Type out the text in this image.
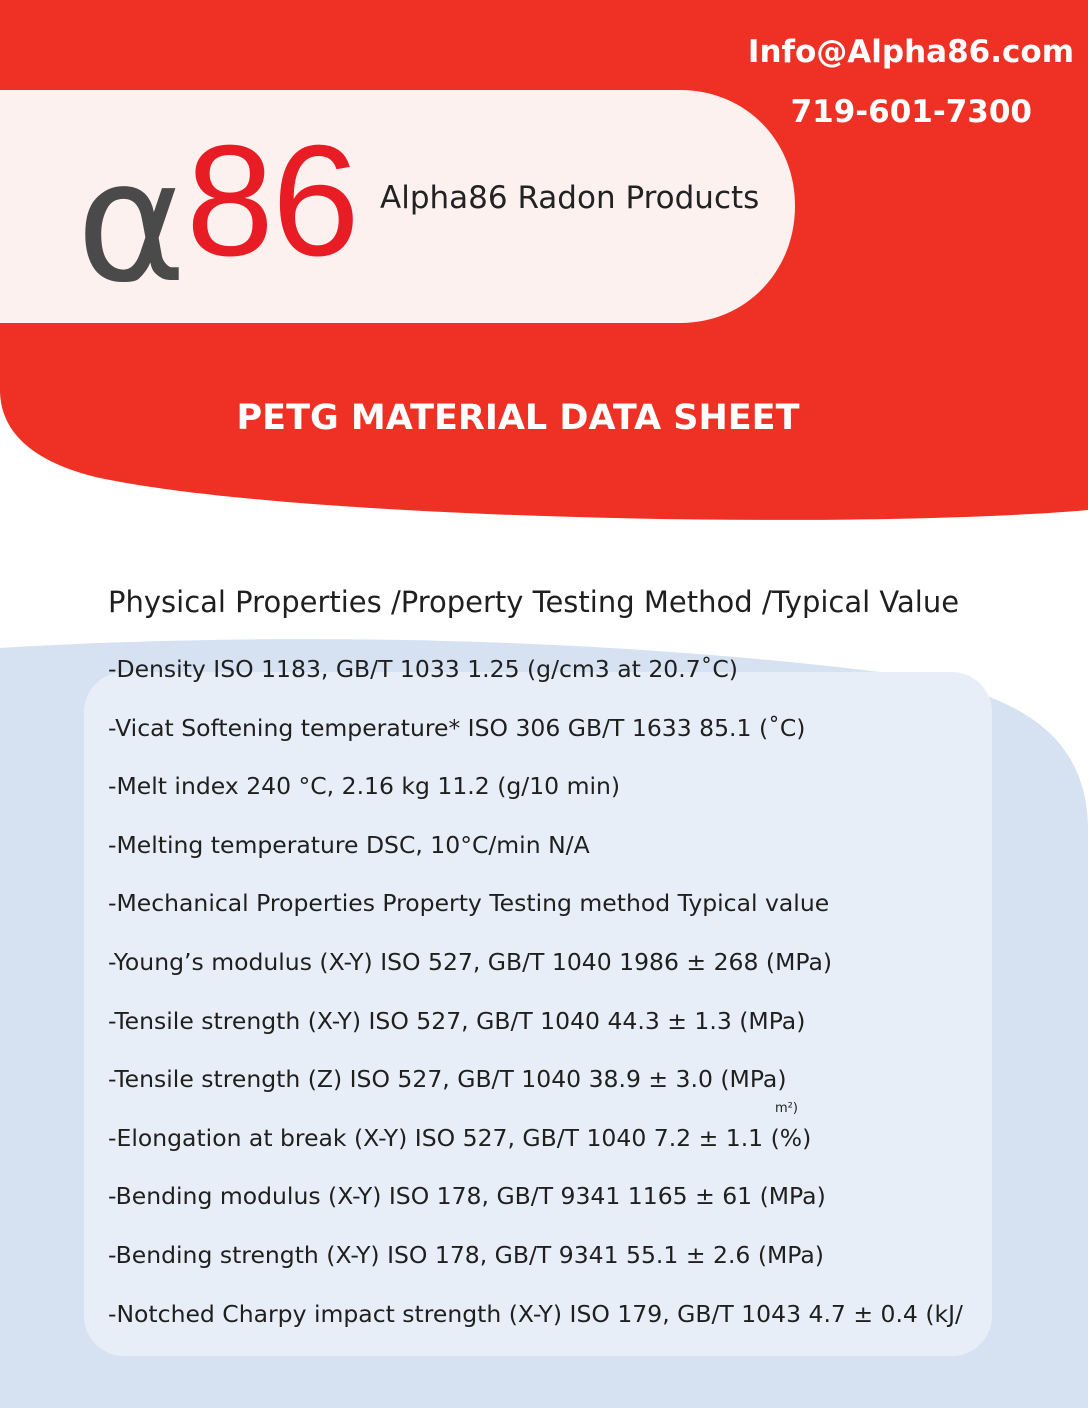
α 86 Alpha86 Radon Products
Info@Alpha86.com
719-601-7300
PETG MATERIAL DATA SHEET
Physical Properties /Property Testing Method /Typical Value
-Density ISO 1183, GB/T 1033 1.25 (g/cm3 at 20.7˚C)
-Vicat Softening temperature* ISO 306 GB/T 1633 85.1 (˚C)
-Melt index 240 °C, 2.16 kg 11.2 (g/10 min)
-Melting temperature DSC, 10°C/min N/A
-Mechanical Properties Property Testing method Typical value
-Young’s modulus (X-Y) ISO 527, GB/T 1040 1986 ± 268 (MPa)
-Tensile strength (X-Y) ISO 527, GB/T 1040 44.3 ± 1.3 (MPa)
-Tensile strength (Z) ISO 527, GB/T 1040 38.9 ± 3.0 (MPa)
-Elongation at break (X-Y) ISO 527, GB/T 1040 7.2 ± 1.1 (%)
-Bending modulus (X-Y) ISO 178, GB/T 9341 1165 ± 61 (MPa)
-Bending strength (X-Y) ISO 178, GB/T 9341 55.1 ± 2.6 (MPa)
-Notched Charpy impact strength (X-Y) ISO 179, GB/T 1043 4.7 ± 0.4 (kJ/
m²)
